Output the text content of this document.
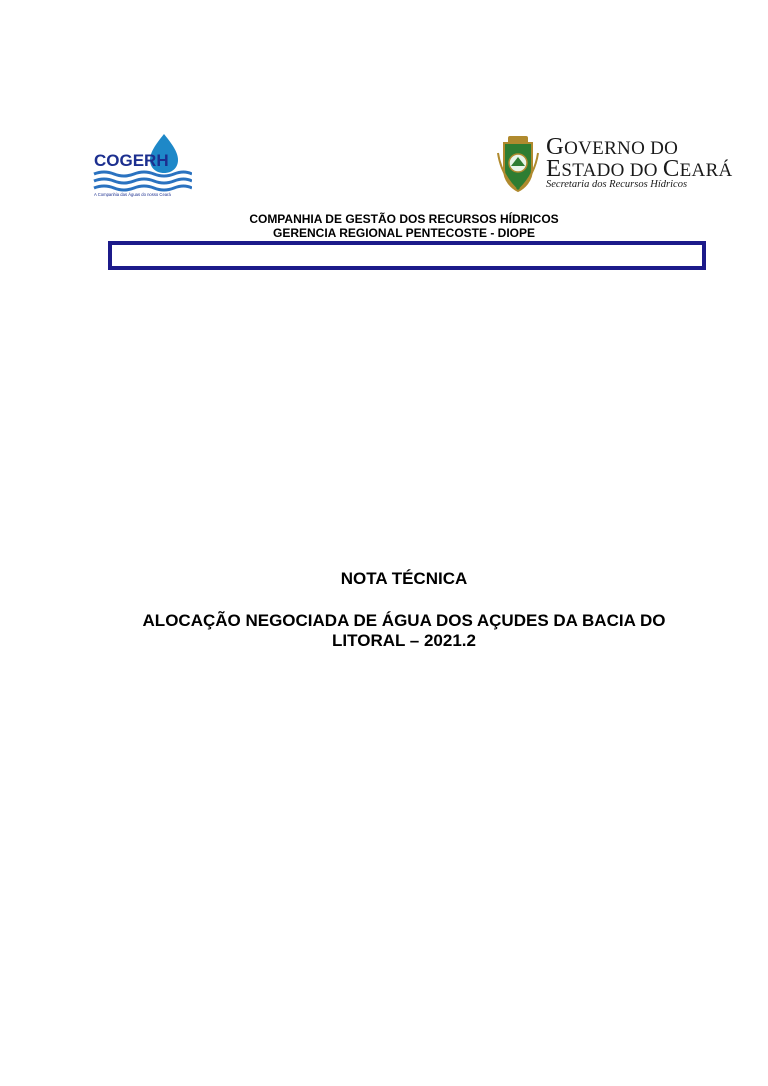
COGERH
A Companhia das Águas do nosso Ceará
GOVERNO DO
ESTADO DO CEARÁ
Secretaria dos Recursos Hídricos
COMPANHIA DE GESTÃO DOS RECURSOS HÍDRICOS
GERENCIA REGIONAL PENTECOSTE - DIOPE
NOTA TÉCNICA
ALOCAÇÃO NEGOCIADA DE ÁGUA DOS AÇUDES DA BACIA DO
LITORAL – 2021.2
